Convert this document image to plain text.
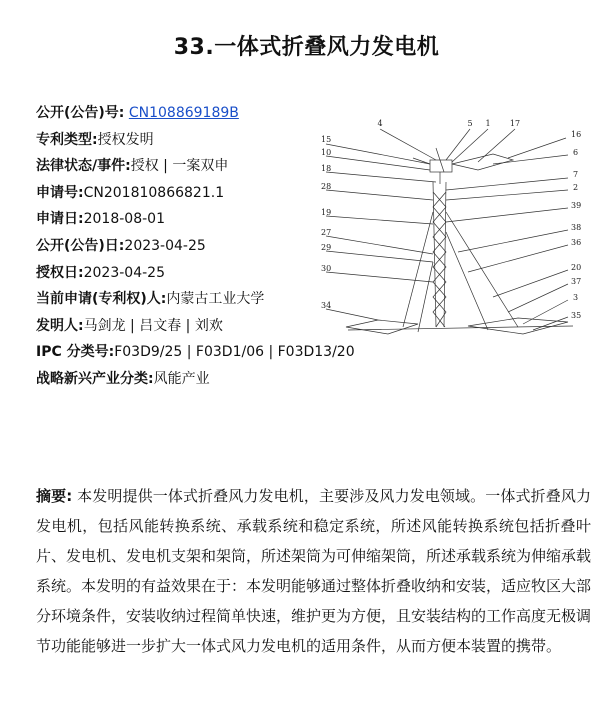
33.一体式折叠风力发电机
公开(公告)号: CN108869189B
专利类型:授权发明
法律状态/事件:授权 | 一案双申
申请号:CN201810866821.1
申请日:2018-08-01
公开(公告)日:2023-04-25
授权日:2023-04-25
当前申请(专利权)人:内蒙古工业大学
发明人:马剑龙 | 吕文春 | 刘欢
IPC 分类号:F03D9/25 | F03D1/06 | F03D13/20
战略新兴产业分类:风能产业
4	5 1 17
16
15
10	6
18
28
7
2
19
39
27
29
38
36
30	20
34
37
3
35
摘要: 本发明提供一体式折叠风力发电机，主要涉及风力发电领域。一体式折叠风力发电机，包括风能转换系统、承载系统和稳定系统，所述风能转换系统包括折叠叶片、发电机、发电机支架和架筒，所述架筒为可伸缩架筒，所述承载系统为伸缩承载系统。本发明的有益效果在于：本发明能够通过整体折叠收纳和安装，适应牧区大部分环境条件，安装收纳过程简单快速，维护更为方便，且安装结构的工作高度无极调节功能能够进一步扩大一体式风力发电机的适用条件，从而方便本装置的携带。
